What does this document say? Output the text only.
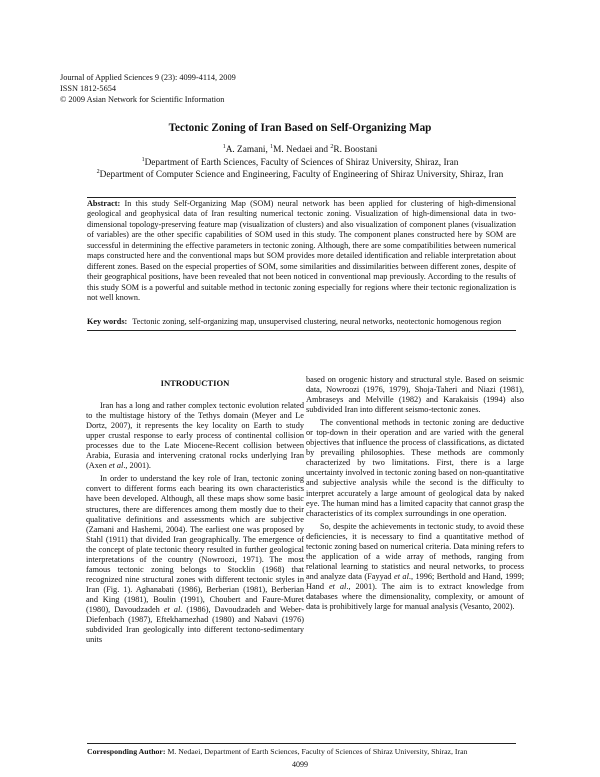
Journal of Applied Sciences 9 (23): 4099-4114, 2009
ISSN 1812-5654
© 2009 Asian Network for Scientific Information
Tectonic Zoning of Iran Based on Self-Organizing Map
$^1$A. Zamani, $^1$M. Nedaei and $^2$R. Boostani
$^1$Department of Earth Sciences, Faculty of Sciences of Shiraz University, Shiraz, Iran
$^2$Department of Computer Science and Engineering, Faculty of Engineering of Shiraz University, Shiraz, Iran

Abstract: In this study Self-Organizing Map (SOM) neural network has been applied for clustering of high-dimensional geological and geophysical data of Iran resulting numerical tectonic zoning. Visualization of high-dimensional data in two-dimensional topology-preserving feature map (visualization of clusters) and also visualization of component planes (visualization of variables) are the other specific capabilities of SOM used in this study. The component planes constructed here by SOM are successful in determining the effective parameters in tectonic zoning. Although, there are some compatibilities between numerical maps constructed here and the conventional maps but SOM provides more detailed identification and reliable interpretation about different zones. Based on the especial properties of SOM, some similarities and dissimilarities between different zones, despite of their geographical positions, have been revealed that not been noticed in conventional map previously. According to the results of this study SOM is a powerful and suitable method in tectonic zoning especially for regions where their tectonic regionalization is not well known.

Key words: Tectonic zoning, self-organizing map, unsupervised clustering, neural networks, neotectonic homogenous region
INTRODUCTION

Iran has a long and rather complex tectonic evolution related to the multistage history of the Tethys domain (Meyer and Le Dortz, 2007), it represents the key locality on Earth to study upper crustal response to early process of continental collision processes due to the Late Miocene-Recent collision between Arabia, Eurasia and intervening cratonal rocks underlying Iran (Axen et al., 2001).

In order to understand the key role of Iran, tectonic zoning convert to different forms each bearing its own characteristics have been developed. Although, all these maps show some basic structures, there are differences among them mostly due to their qualitative definitions and assessments which are subjective (Zamani and Hashemi, 2004). The earliest one was proposed by Stahl (1911) that divided Iran geographically. The emergence of the concept of plate tectonic theory resulted in further geological interpretations of the country (Nowroozi, 1971). The most famous tectonic zoning belongs to Stocklin (1968) that recognized nine structural zones with different tectonic styles in Iran (Fig. 1). Aghanabati (1986), Berberian (1981), Berberian and King (1981), Boulin (1991), Choubert and Faure-Muret (1980), Davoudzadeh et al. (1986), Davoudzadeh and Weber-Diefenbach (1987), Eftekharnezhad (1980) and Nabavi (1976) subdivided Iran geologically into different tectono-sedimentary units

based on orogenic history and structural style. Based on seismic data, Nowroozi (1976, 1979), Shoja-Taheri and Niazi (1981), Ambraseys and Melville (1982) and Karakaisis (1994) also subdivided Iran into different seismo-tectonic zones.

The conventional methods in tectonic zoning are deductive or top-down in their operation and are varied with the general objectives that influence the process of classifications, as dictated by prevailing philosophies. These methods are commonly characterized by two limitations. First, there is a large uncertainty involved in tectonic zoning based on non-quantitative and subjective analysis while the second is the difficulty to interpret accurately a large amount of geological data by naked eye. The human mind has a limited capacity that cannot grasp the characteristics of its complex surroundings in one operation.

So, despite the achievements in tectonic study, to avoid these deficiencies, it is necessary to find a quantitative method of tectonic zoning based on numerical criteria. Data mining refers to the application of a wide array of methods, ranging from relational learning to statistics and neural networks, to process and analyze data (Fayyad et al., 1996; Berthold and Hand, 1999; Hand et al., 2001). The aim is to extract knowledge from databases where the dimensionality, complexity, or amount of data is prohibitively large for manual analysis (Vesanto, 2002).

Corresponding Author: M. Nedaei, Department of Earth Sciences, Faculty of Sciences of Shiraz University, Shiraz, Iran
4099
